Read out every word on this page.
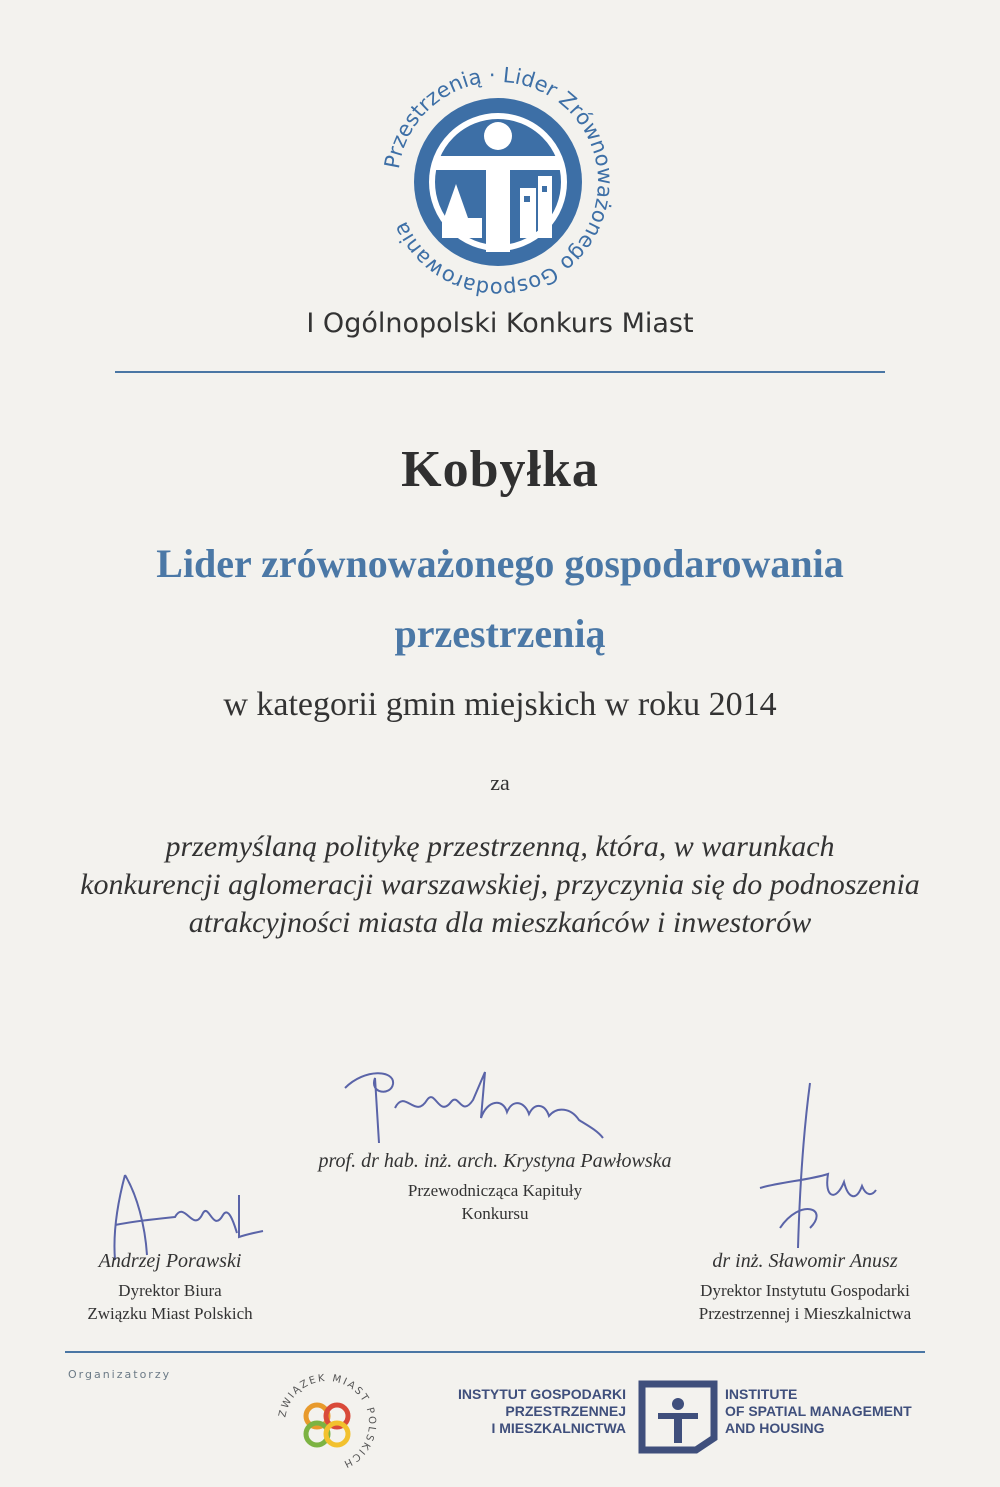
Przestrzenią · Lider Zrównoważonego Gospodarowania
I Ogólnopolski Konkurs Miast
Kobyłka
Lider zrównoważonego gospodarowania
przestrzenią
w kategorii gmin miejskich w roku 2014
za
przemyślaną politykę przestrzenną, która, w warunkach
konkurencji aglomeracji warszawskiej, przyczynia się do podnoszenia
atrakcyjności miasta dla mieszkańców i inwestorów
prof. dr hab. inż. arch. Krystyna Pawłowska
Przewodnicząca Kapituły
Konkursu
Andrzej Porawski
Dyrektor Biura
Związku Miast Polskich
dr inż. Sławomir Anusz
Dyrektor Instytutu Gospodarki
Przestrzennej i Mieszkalnictwa
Organizatorzy
ZWIĄZEK MIAST POLSKICH
INSTYTUT GOSPODARKI
PRZESTRZENNEJ
I MIESZKALNICTWA
INSTITUTE
OF SPATIAL MANAGEMENT
AND HOUSING
